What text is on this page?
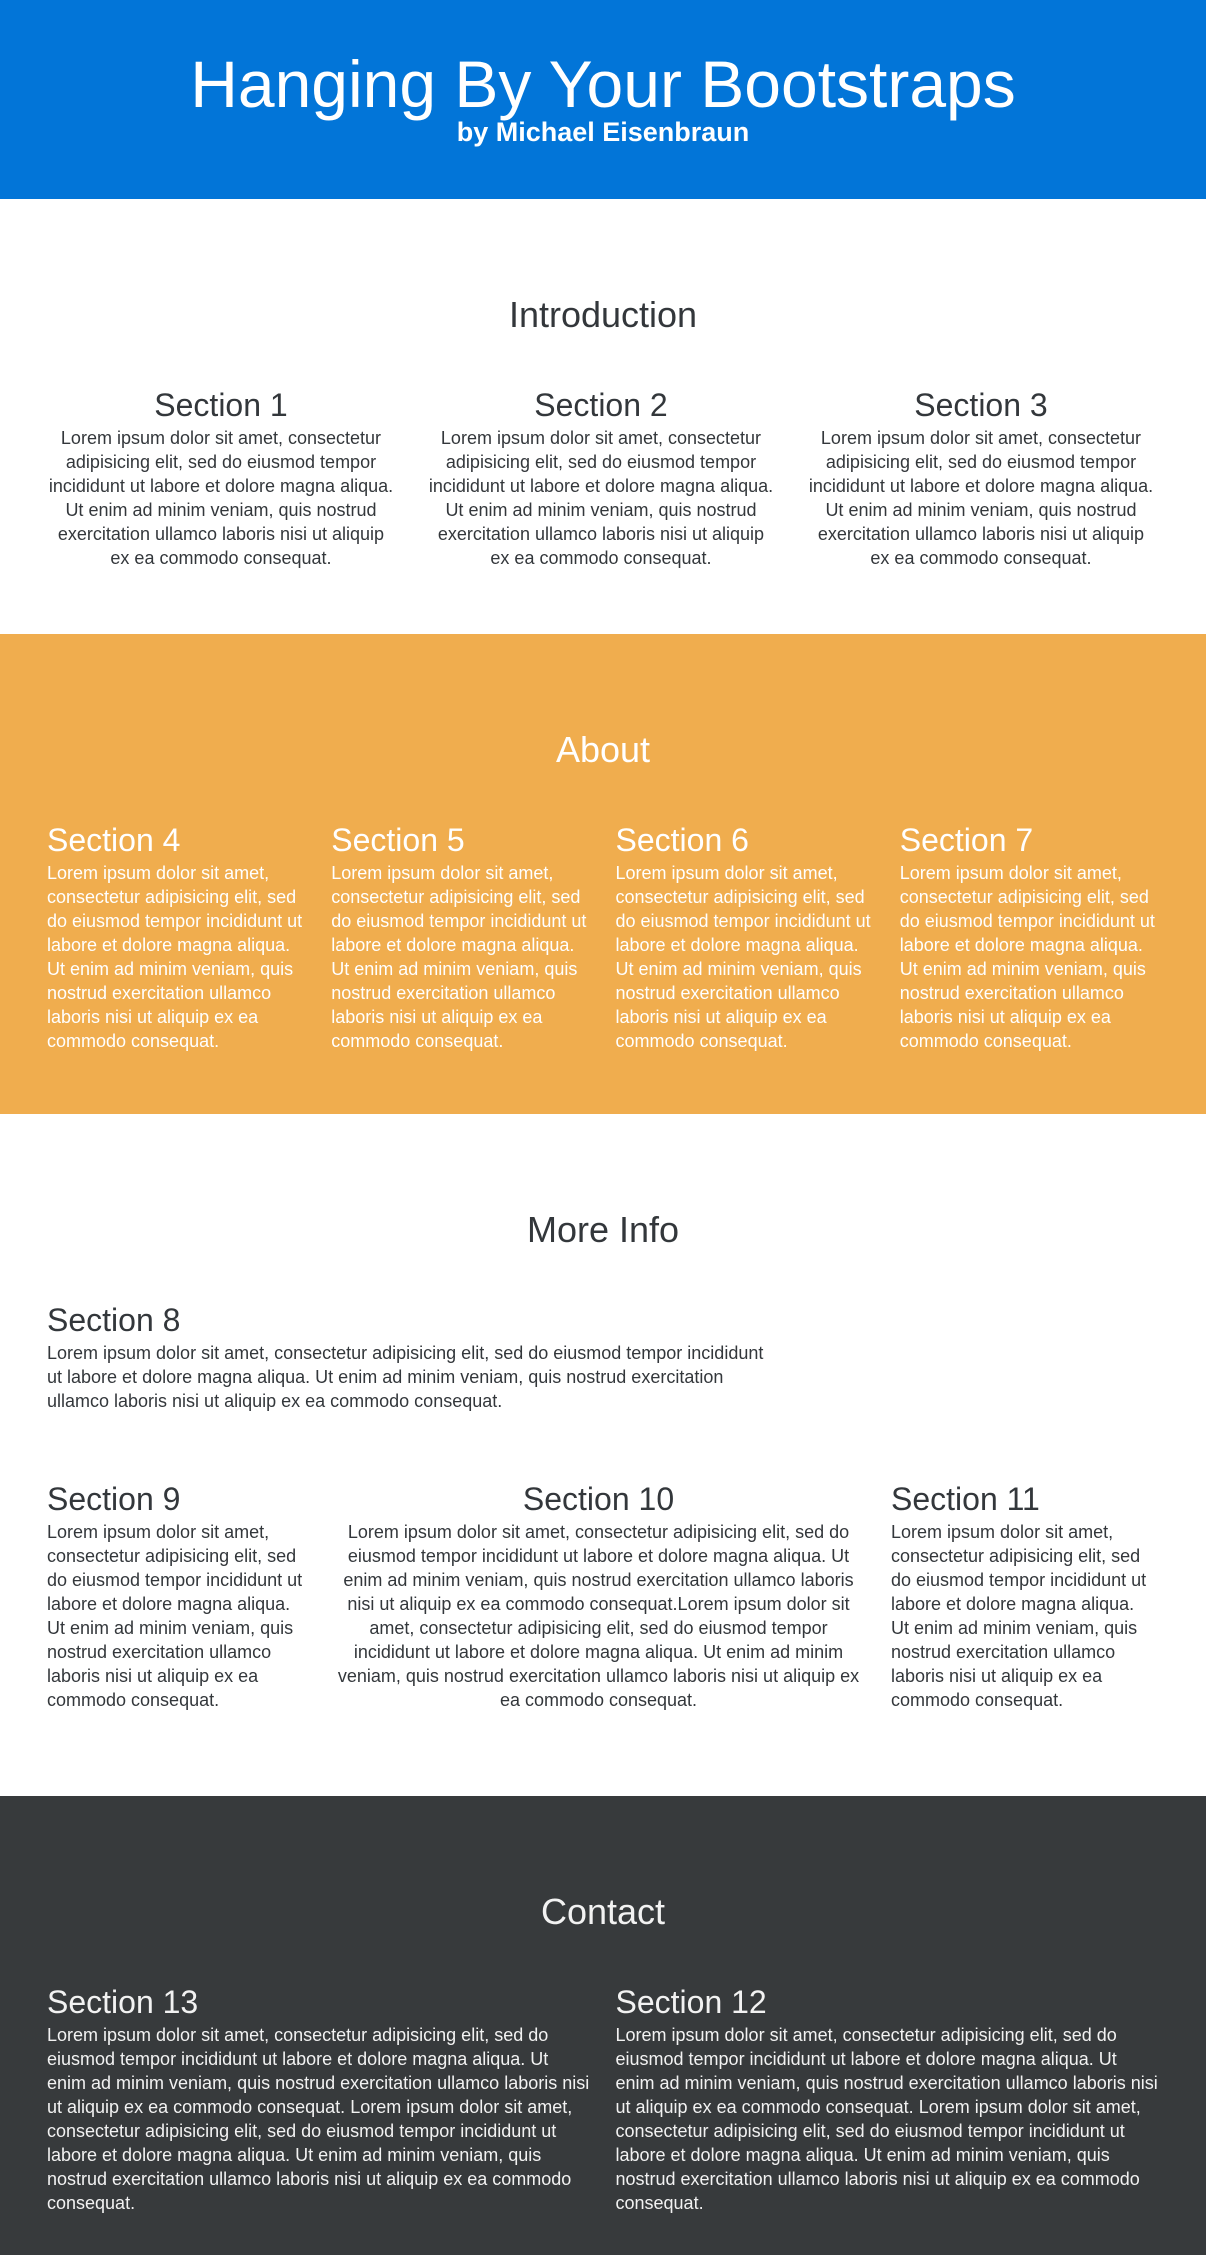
Hanging By Your Bootstraps
by Michael Eisenbraun
Introduction
Section 1

Lorem ipsum dolor sit amet, consectetur adipisicing elit, sed do eiusmod tempor incididunt ut labore et dolore magna aliqua. Ut enim ad minim veniam, quis nostrud exercitation ullamco laboris nisi ut aliquip ex ea commodo consequat.

Section 2

Lorem ipsum dolor sit amet, consectetur adipisicing elit, sed do eiusmod tempor incididunt ut labore et dolore magna aliqua. Ut enim ad minim veniam, quis nostrud exercitation ullamco laboris nisi ut aliquip ex ea commodo consequat.

Section 3

Lorem ipsum dolor sit amet, consectetur adipisicing elit, sed do eiusmod tempor incididunt ut labore et dolore magna aliqua. Ut enim ad minim veniam, quis nostrud exercitation ullamco laboris nisi ut aliquip ex ea commodo consequat.

About
Section 4

Lorem ipsum dolor sit amet, consectetur adipisicing elit, sed do eiusmod tempor incididunt ut labore et dolore magna aliqua. Ut enim ad minim veniam, quis nostrud exercitation ullamco laboris nisi ut aliquip ex ea commodo consequat.

Section 5

Lorem ipsum dolor sit amet, consectetur adipisicing elit, sed do eiusmod tempor incididunt ut labore et dolore magna aliqua. Ut enim ad minim veniam, quis nostrud exercitation ullamco laboris nisi ut aliquip ex ea commodo consequat.

Section 6

Lorem ipsum dolor sit amet, consectetur adipisicing elit, sed do eiusmod tempor incididunt ut labore et dolore magna aliqua. Ut enim ad minim veniam, quis nostrud exercitation ullamco laboris nisi ut aliquip ex ea commodo consequat.

Section 7

Lorem ipsum dolor sit amet, consectetur adipisicing elit, sed do eiusmod tempor incididunt ut labore et dolore magna aliqua. Ut enim ad minim veniam, quis nostrud exercitation ullamco laboris nisi ut aliquip ex ea commodo consequat.

More Info
Section 8

Lorem ipsum dolor sit amet, consectetur adipisicing elit, sed do eiusmod tempor incididunt ut labore et dolore magna aliqua. Ut enim ad minim veniam, quis nostrud exercitation ullamco laboris nisi ut aliquip ex ea commodo consequat.

Section 9

Lorem ipsum dolor sit amet, consectetur adipisicing elit, sed do eiusmod tempor incididunt ut labore et dolore magna aliqua. Ut enim ad minim veniam, quis nostrud exercitation ullamco laboris nisi ut aliquip ex ea commodo consequat.

Section 10

Lorem ipsum dolor sit amet, consectetur adipisicing elit, sed do eiusmod tempor incididunt ut labore et dolore magna aliqua. Ut enim ad minim veniam, quis nostrud exercitation ullamco laboris nisi ut aliquip ex ea commodo consequat.Lorem ipsum dolor sit amet, consectetur adipisicing elit, sed do eiusmod tempor incididunt ut labore et dolore magna aliqua. Ut enim ad minim veniam, quis nostrud exercitation ullamco laboris nisi ut aliquip ex ea commodo consequat.

Section 11

Lorem ipsum dolor sit amet, consectetur adipisicing elit, sed do eiusmod tempor incididunt ut labore et dolore magna aliqua. Ut enim ad minim veniam, quis nostrud exercitation ullamco laboris nisi ut aliquip ex ea commodo consequat.

Contact
Section 13

Lorem ipsum dolor sit amet, consectetur adipisicing elit, sed do eiusmod tempor incididunt ut labore et dolore magna aliqua. Ut enim ad minim veniam, quis nostrud exercitation ullamco laboris nisi ut aliquip ex ea commodo consequat. Lorem ipsum dolor sit amet, consectetur adipisicing elit, sed do eiusmod tempor incididunt ut labore et dolore magna aliqua. Ut enim ad minim veniam, quis nostrud exercitation ullamco laboris nisi ut aliquip ex ea commodo consequat.

Section 12

Lorem ipsum dolor sit amet, consectetur adipisicing elit, sed do eiusmod tempor incididunt ut labore et dolore magna aliqua. Ut enim ad minim veniam, quis nostrud exercitation ullamco laboris nisi ut aliquip ex ea commodo consequat. Lorem ipsum dolor sit amet, consectetur adipisicing elit, sed do eiusmod tempor incididunt ut labore et dolore magna aliqua. Ut enim ad minim veniam, quis nostrud exercitation ullamco laboris nisi ut aliquip ex ea commodo consequat.
